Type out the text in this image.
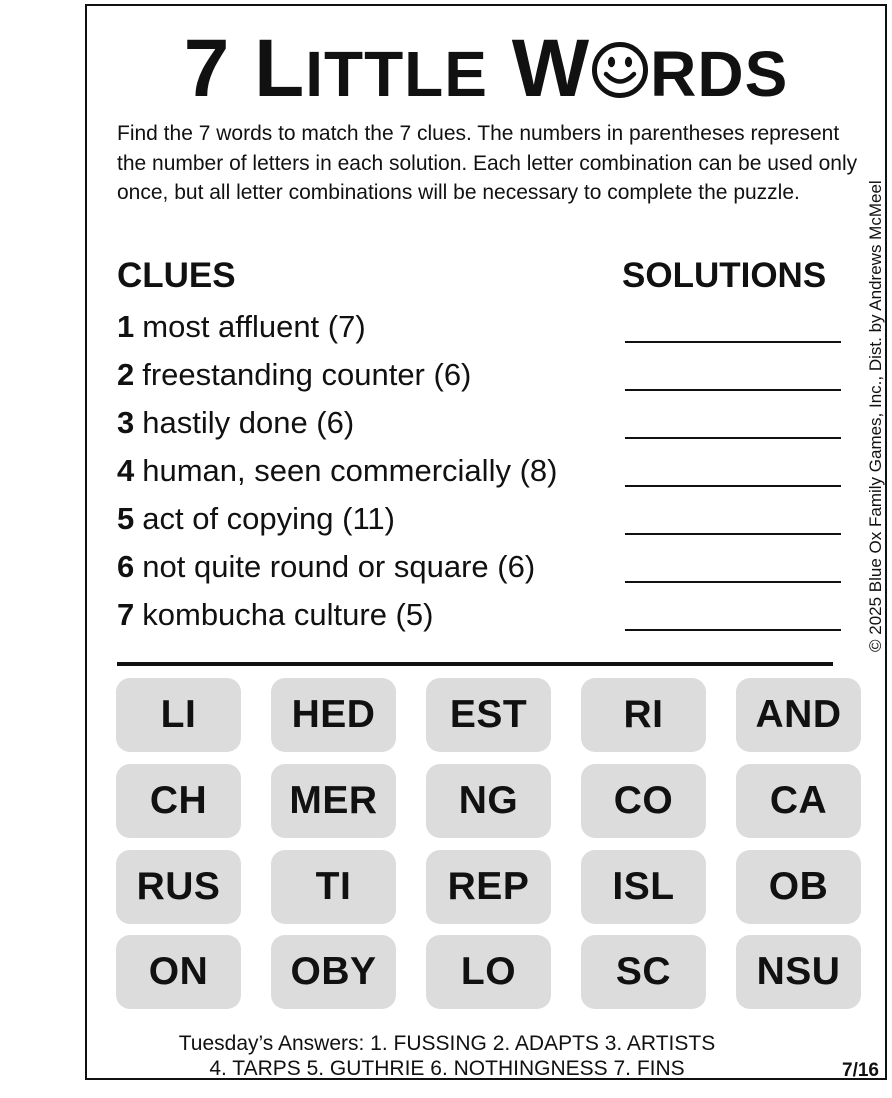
7 LITTLE W RDS
Find the 7 words to match the 7 clues. The numbers in parentheses represent the number of letters in each solution. Each letter combination can be used only once, but all letter combinations will be necessary to complete the puzzle.
CLUES	SOLUTIONS
1 most affluent (7)
2 freestanding counter (6)
3 hastily done (6)
4 human, seen commercially (8)
5 act of copying (11)
6 not quite round or square (6)
7 kombucha culture (5)
LI	HED	EST	RI	AND
CH	MER	NG	CO	CA
RUS	TI	REP	ISL	OB
ON	OBY	LO	SC	NSU
Tuesday’s Answers: 1. FUSSING 2. ADAPTS 3. ARTISTS
4. TARPS 5. GUTHRIE 6. NOTHINGNESS 7. FINS	7/16
© 2025 Blue Ox Family Games, Inc., Dist. by Andrews McMeel
